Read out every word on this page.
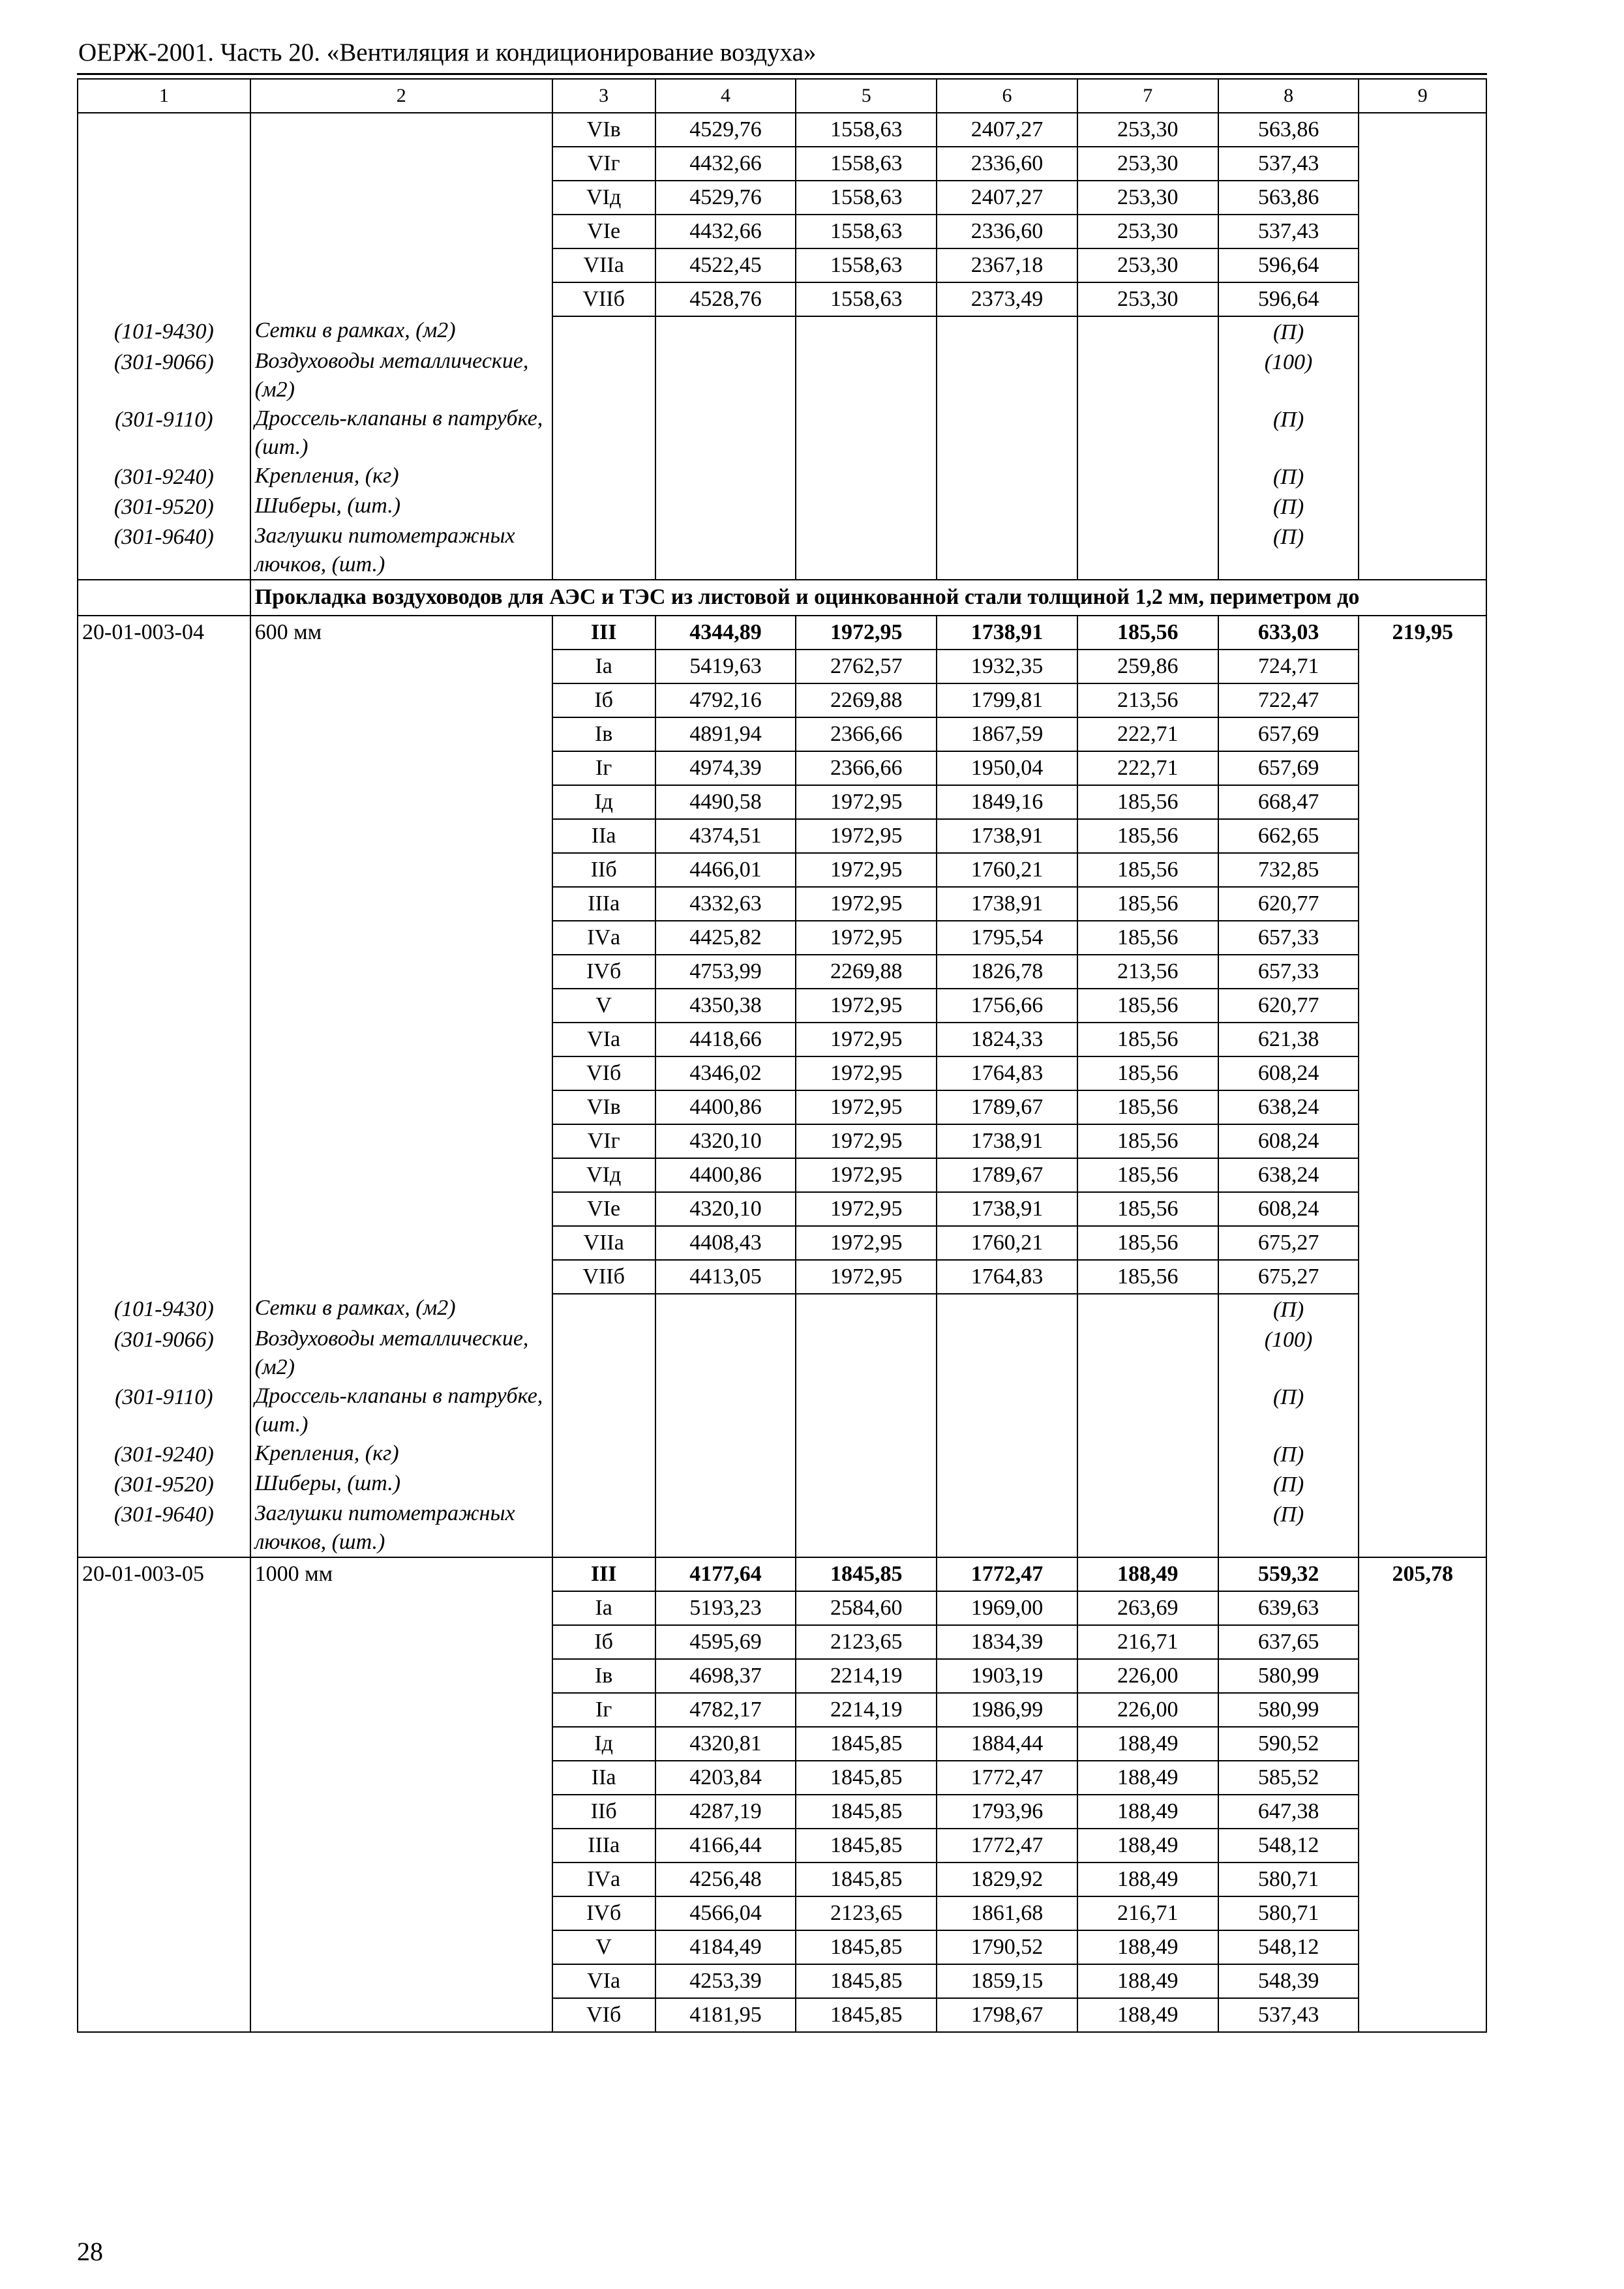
ОЕРЖ-2001. Часть 20. «Вентиляция и кондиционирование воздуха»
1	2	3	4	5	6	7	8	9
		VIв	4529,76	1558,63	2407,27	253,30	563,86	
		VIг	4432,66	1558,63	2336,60	253,30	537,43	
		VIд	4529,76	1558,63	2407,27	253,30	563,86	
		VIе	4432,66	1558,63	2336,60	253,30	537,43	
		VIIа	4522,45	1558,63	2367,18	253,30	596,64	
		VIIб	4528,76	1558,63	2373,49	253,30	596,64	
(101-9430)	Сетки в рамках, (м2)						(П)	
(301-9066)	Воздуховоды металлические, (м2)						(100)	
(301-9110)	Дроссель-клапаны в патрубке, (шт.)						(П)	
(301-9240)	Крепления, (кг)						(П)	
(301-9520)	Шиберы, (шт.)						(П)	
(301-9640)	Заглушки питометражных лючков, (шт.)						(П)	
	Прокладка воздуховодов для АЭС и ТЭС из листовой и оцинкованной стали толщиной 1,2 мм, периметром до							
20-01-003-04	600 мм	III	4344,89	1972,95	1738,91	185,56	633,03	219,95
		Iа	5419,63	2762,57	1932,35	259,86	724,71	
		Iб	4792,16	2269,88	1799,81	213,56	722,47	
		Iв	4891,94	2366,66	1867,59	222,71	657,69	
		Iг	4974,39	2366,66	1950,04	222,71	657,69	
		Iд	4490,58	1972,95	1849,16	185,56	668,47	
		IIа	4374,51	1972,95	1738,91	185,56	662,65	
		IIб	4466,01	1972,95	1760,21	185,56	732,85	
		IIIа	4332,63	1972,95	1738,91	185,56	620,77	
		IVа	4425,82	1972,95	1795,54	185,56	657,33	
		IVб	4753,99	2269,88	1826,78	213,56	657,33	
		V	4350,38	1972,95	1756,66	185,56	620,77	
		VIа	4418,66	1972,95	1824,33	185,56	621,38	
		VIб	4346,02	1972,95	1764,83	185,56	608,24	
		VIв	4400,86	1972,95	1789,67	185,56	638,24	
		VIг	4320,10	1972,95	1738,91	185,56	608,24	
		VIд	4400,86	1972,95	1789,67	185,56	638,24	
		VIе	4320,10	1972,95	1738,91	185,56	608,24	
		VIIа	4408,43	1972,95	1760,21	185,56	675,27	
		VIIб	4413,05	1972,95	1764,83	185,56	675,27	
(101-9430)	Сетки в рамках, (м2)						(П)	
(301-9066)	Воздуховоды металлические, (м2)						(100)	
(301-9110)	Дроссель-клапаны в патрубке, (шт.)						(П)	
(301-9240)	Крепления, (кг)						(П)	
(301-9520)	Шиберы, (шт.)						(П)	
(301-9640)	Заглушки питометражных лючков, (шт.)						(П)	
20-01-003-05	1000 мм	III	4177,64	1845,85	1772,47	188,49	559,32	205,78
		Iа	5193,23	2584,60	1969,00	263,69	639,63	
		Iб	4595,69	2123,65	1834,39	216,71	637,65	
		Iв	4698,37	2214,19	1903,19	226,00	580,99	
		Iг	4782,17	2214,19	1986,99	226,00	580,99	
		Iд	4320,81	1845,85	1884,44	188,49	590,52	
		IIа	4203,84	1845,85	1772,47	188,49	585,52	
		IIб	4287,19	1845,85	1793,96	188,49	647,38	
		IIIа	4166,44	1845,85	1772,47	188,49	548,12	
		IVа	4256,48	1845,85	1829,92	188,49	580,71	
		IVб	4566,04	2123,65	1861,68	216,71	580,71	
		V	4184,49	1845,85	1790,52	188,49	548,12	
		VIа	4253,39	1845,85	1859,15	188,49	548,39	
		VIб	4181,95	1845,85	1798,67	188,49	537,43	
28
